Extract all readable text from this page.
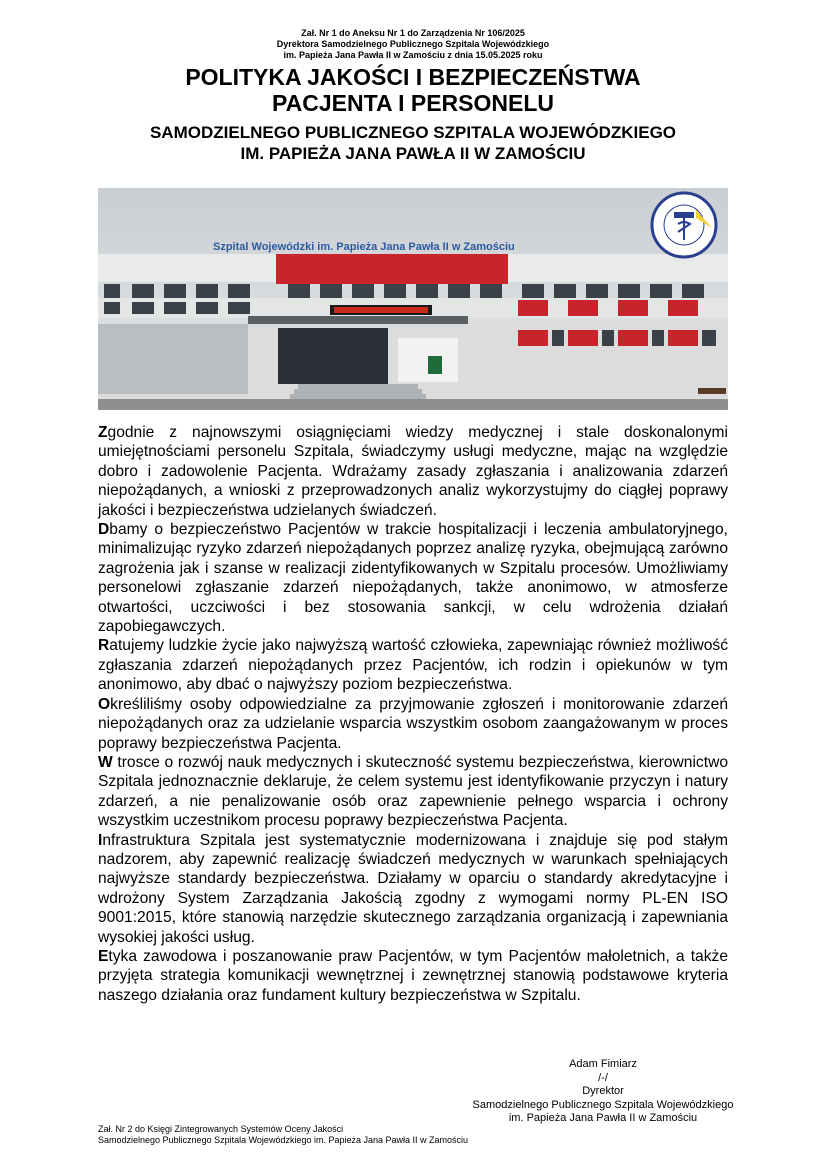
Zał. Nr 1 do Aneksu Nr 1 do Zarządzenia Nr 106/2025
Dyrektora Samodzielnego Publicznego Szpitala Wojewódzkiego
im. Papieża Jana Pawła II w Zamościu z dnia 15.05.2025 roku
POLITYKA JAKOŚCI I BEZPIECZEŃSTWA
PACJENTA I PERSONELU
SAMODZIELNEGO PUBLICZNEGO SZPITALA WOJEWÓDZKIEGO
IM. PAPIEŻA JANA PAWŁA II W ZAMOŚCIU
Szpital Wojewódzki im. Papieża Jana Pawła II w Zamościu

Zgodnie z najnowszymi osiągnięciami wiedzy medycznej i stale doskonalonymi umiejętnościami personelu Szpitala, świadczymy usługi medyczne, mając na względzie dobro i zadowolenie Pacjenta. Wdrażamy zasady zgłaszania i analizowania zdarzeń niepożądanych, a wnioski z przeprowadzonych analiz wykorzystujmy do ciągłej poprawy jakości i bezpieczeństwa udzielanych świadczeń.

Dbamy o bezpieczeństwo Pacjentów w trakcie hospitalizacji i leczenia ambulatoryjnego, minimalizując ryzyko zdarzeń niepożądanych poprzez analizę ryzyka, obejmującą zarówno zagrożenia jak i szanse w realizacji zidentyfikowanych w Szpitalu procesów. Umożliwiamy personelowi zgłaszanie zdarzeń niepożądanych, także anonimowo, w atmosferze otwartości, uczciwości i bez stosowania sankcji, w celu wdrożenia działań zapobiegawczych.

Ratujemy ludzkie życie jako najwyższą wartość człowieka, zapewniając również możliwość zgłaszania zdarzeń niepożądanych przez Pacjentów, ich rodzin i opiekunów w tym anonimowo, aby dbać o najwyższy poziom bezpieczeństwa.

Określiliśmy osoby odpowiedzialne za przyjmowanie zgłoszeń i monitorowanie zdarzeń niepożądanych oraz za udzielanie wsparcia wszystkim osobom zaangażowanym w proces poprawy bezpieczeństwa Pacjenta.

W trosce o rozwój nauk medycznych i skuteczność systemu bezpieczeństwa, kierownictwo Szpitala jednoznacznie deklaruje, że celem systemu jest identyfikowanie przyczyn i natury zdarzeń, a nie penalizowanie osób oraz zapewnienie pełnego wsparcia i ochrony wszystkim uczestnikom procesu poprawy bezpieczeństwa Pacjenta.

Infrastruktura Szpitala jest systematycznie modernizowana i znajduje się pod stałym nadzorem, aby zapewnić realizację świadczeń medycznych w warunkach spełniających najwyższe standardy bezpieczeństwa. Działamy w oparciu o standardy akredytacyjne i wdrożony System Zarządzania Jakością zgodny z wymogami normy PL-EN ISO 9001:2015, które stanowią narzędzie skutecznego zarządzania organizacją i zapewniania wysokiej jakości usług.

Etyka zawodowa i poszanowanie praw Pacjentów, w tym Pacjentów małoletnich, a także przyjęta strategia komunikacji wewnętrznej i zewnętrznej stanowią podstawowe kryteria naszego działania oraz fundament kultury bezpieczeństwa w Szpitalu.

Adam Fimiarz
/-/
Dyrektor
Samodzielnego Publicznego Szpitala Wojewódzkiego
im. Papieża Jana Pawła II w Zamościu
Zał. Nr 2 do Księgi Zintegrowanych Systemów Oceny Jakości
Samodzielnego Publicznego Szpitala Wojewódzkiego im. Papieża Jana Pawła II w Zamościu
